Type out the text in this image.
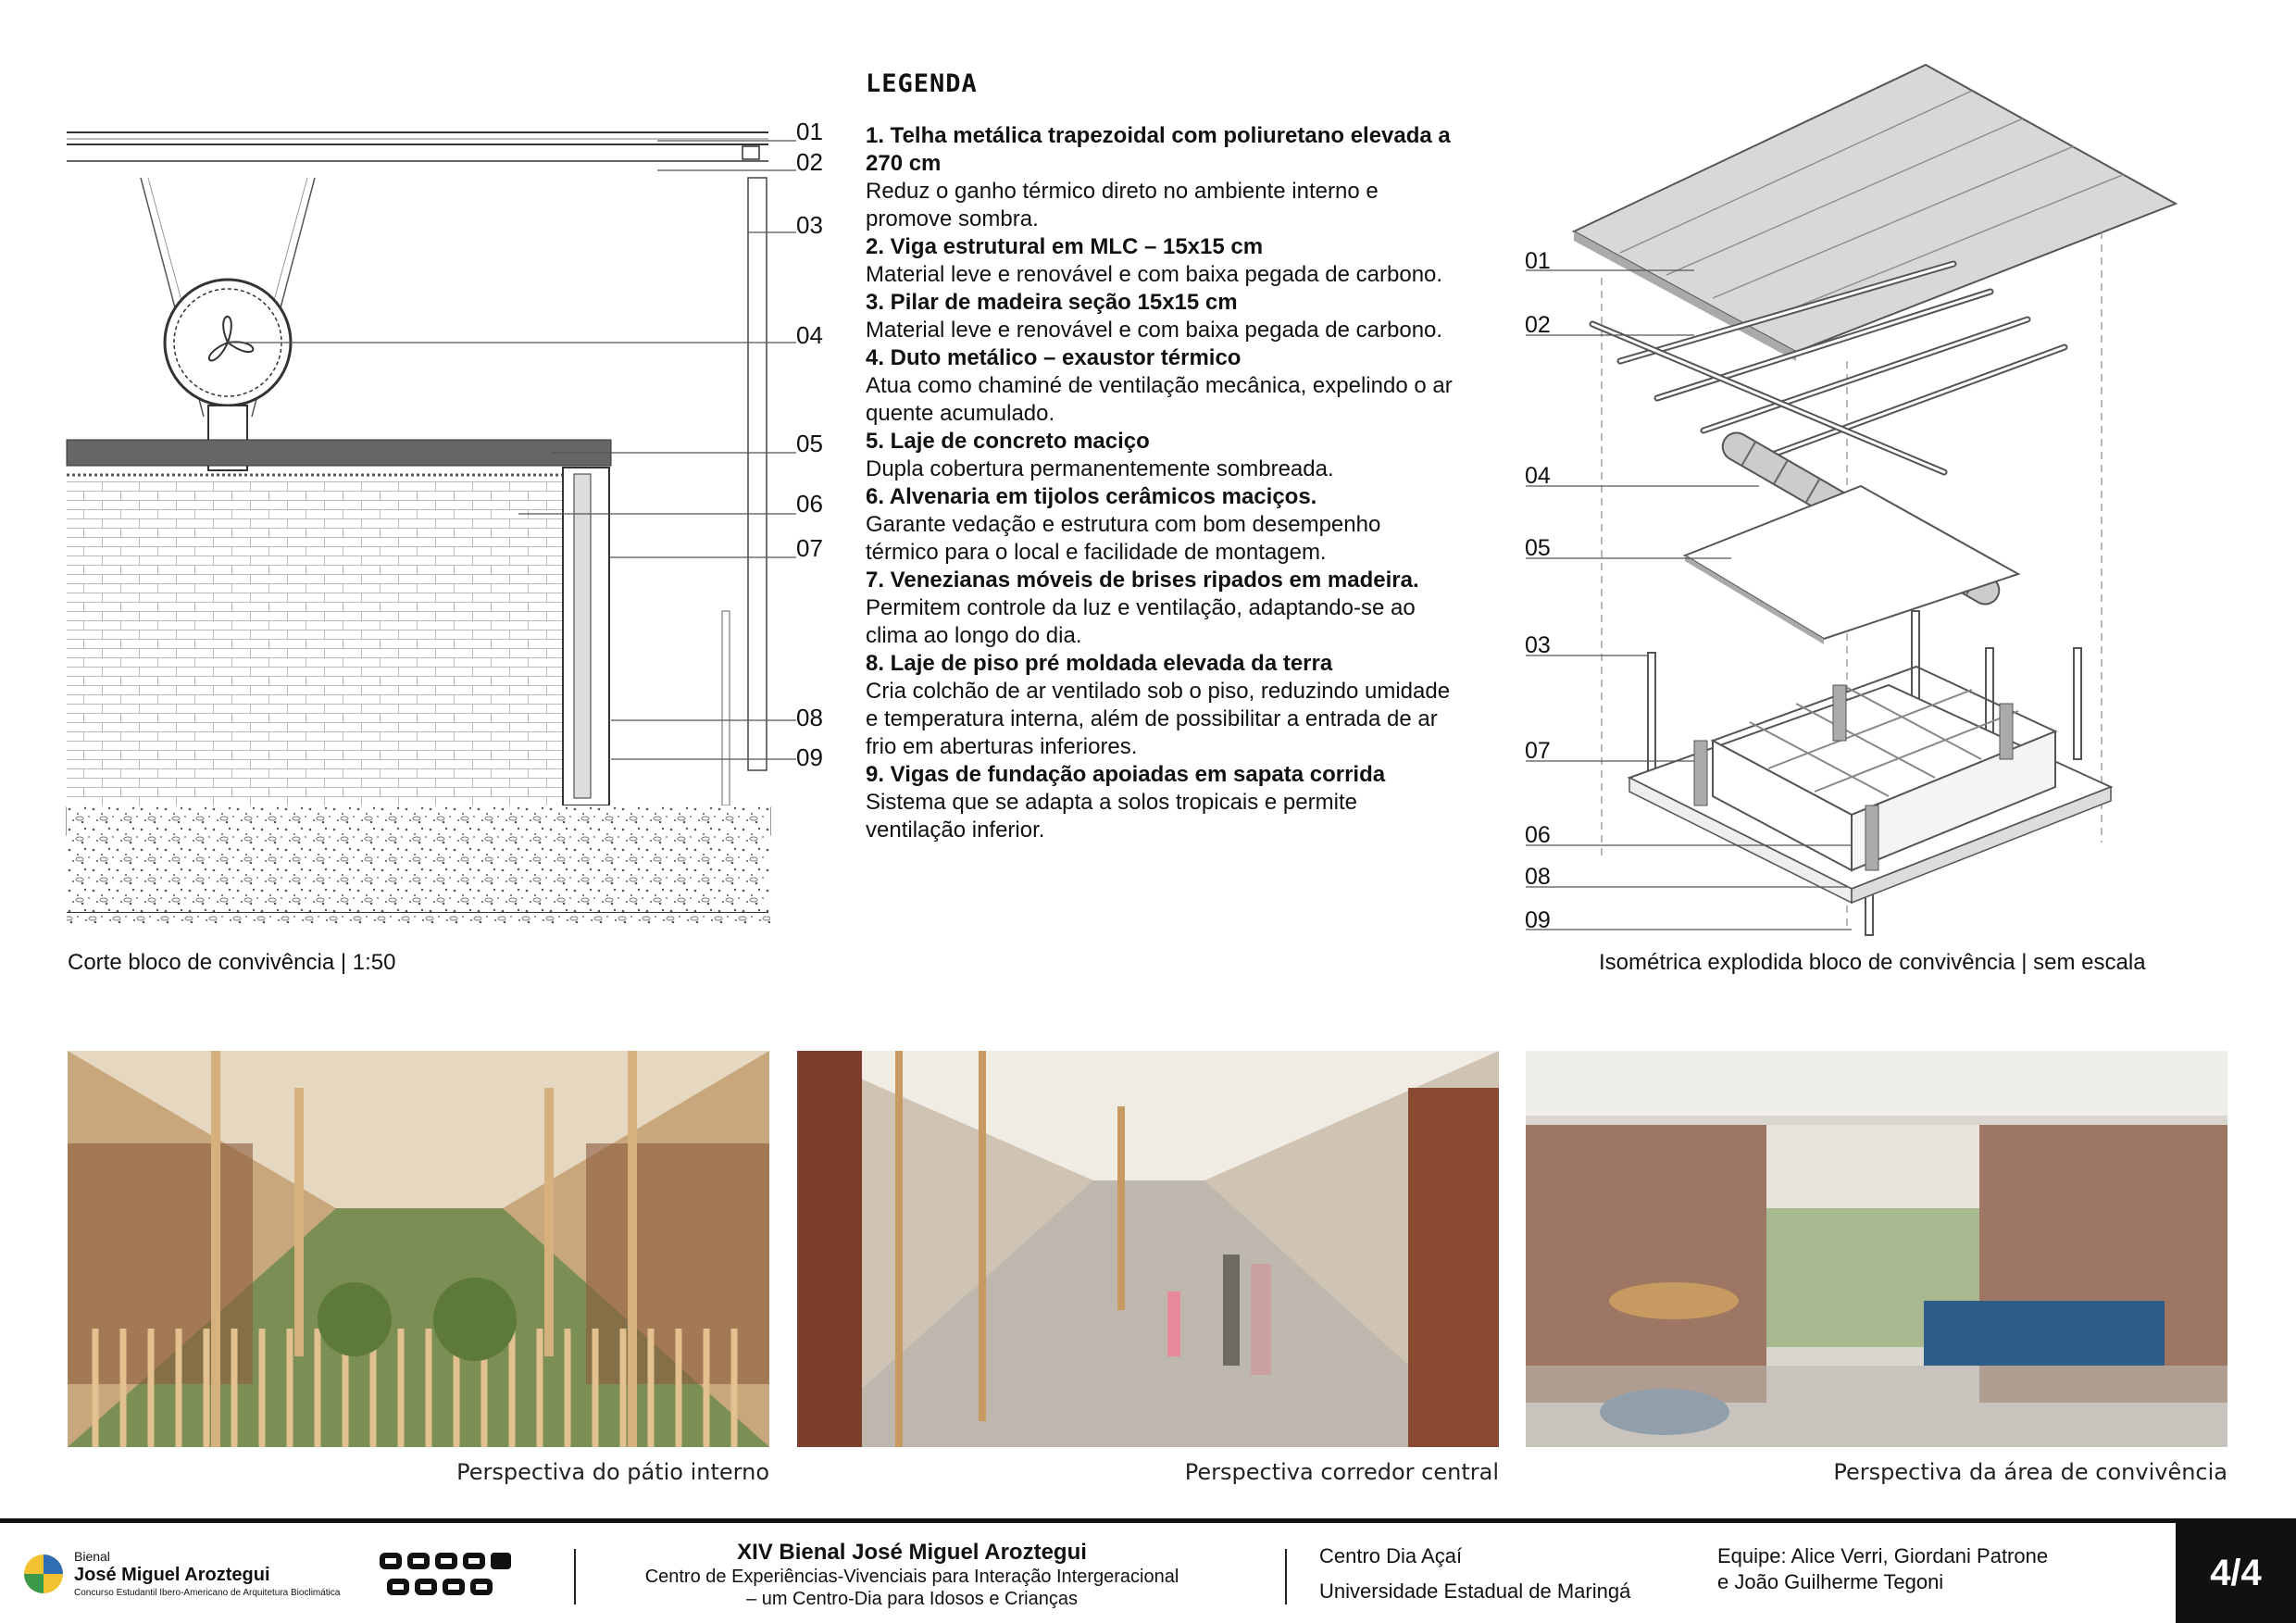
01
02
03
04
05
06
07
08
09
Corte bloco de convivência | 1:50
LEGENDA
1. Telha metálica trapezoidal com poliuretano elevada a 270 cm
Reduz o ganho térmico direto no ambiente interno e promove sombra.
2. Viga estrutural em MLC – 15x15 cm
Material leve e renovável e com baixa pegada de carbono.
3. Pilar de madeira seção 15x15 cm
Material leve e renovável e com baixa pegada de carbono.
4. Duto metálico – exaustor térmico
Atua como chaminé de ventilação mecânica, expelindo o ar quente acumulado.
5. Laje de concreto maciço
Dupla cobertura permanentemente sombreada.
6. Alvenaria em tijolos cerâmicos maciços.
Garante vedação e estrutura com bom desempenho térmico para o local e facilidade de montagem.
7. Venezianas móveis de brises ripados em madeira.
Permitem controle da luz e ventilação, adaptando-se ao clima ao longo do dia.
8. Laje de piso pré moldada elevada da terra
Cria colchão de ar ventilado sob o piso, reduzindo umidade e temperatura interna, além de possibilitar a entrada de ar frio em aberturas inferiores.
9. Vigas de fundação apoiadas em sapata corrida
Sistema que se adapta a solos tropicais e permite ventilação inferior.
01
02
04
05
03
07
06
08
09
Isométrica explodida bloco de convivência | sem escala
Perspectiva do pátio interno	Perspectiva corredor central	Perspectiva da área de convivência
Bienal
José Miguel Aroztegui
Concurso Estudantil Ibero-Americano de Arquitetura Bioclimática
XIV Bienal José Miguel Aroztegui
Centro de Experiências-Vivenciais para Interação Intergeracional
– um Centro-Dia para Idosos e Crianças
Centro Dia Açaí
Universidade Estadual de Maringá
Equipe: Alice Verri, Giordani Patrone
e João Guilherme Tegoni	4/4
